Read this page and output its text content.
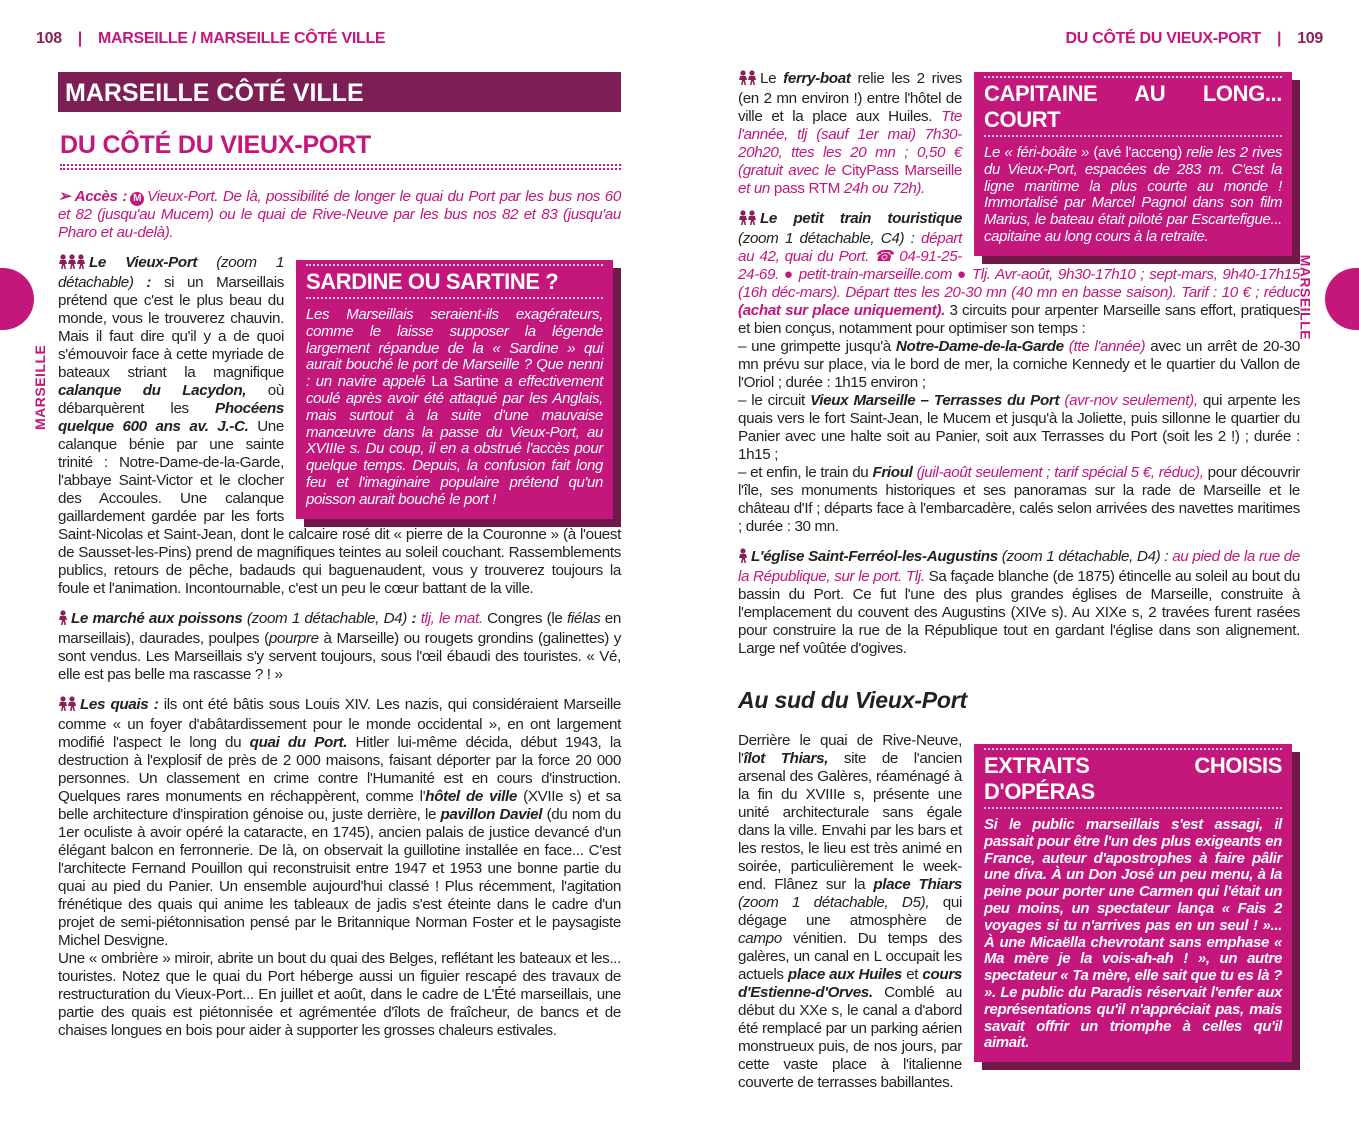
108 | MARSEILLE / MARSEILLE CÔTÉ VILLE	DU CÔTÉ DU VIEUX-PORT | 109
MARSEILLE
MARSEILLE
MARSEILLE CÔTÉ VILLE
DU CÔTÉ DU VIEUX-PORT

➢ Accès : M Vieux-Port. De là, possibilité de longer le quai du Port par les bus nos 60 et 82 (jusqu'au Mucem) ou le quai de Rive-Neuve par les bus nos 82 et 83 (jusqu'au Pharo et au-delà).

SARDINE OU SARTINE ?
Les Marseillais seraient-ils exagérateurs, comme le laisse supposer la légende largement répandue de la « Sardine » qui aurait bouché le port de Marseille ? Que nenni : un navire appelé La Sartine a effectivement coulé après avoir été attaqué par les Anglais, mais surtout à la suite d'une mauvaise manœuvre dans la passe du Vieux-Port, au XVIIIe s. Du coup, il en a obstrué l'accès pour quelque temps. Depuis, la confusion fait long feu et l'imaginaire populaire prétend qu'un poisson aurait bouché le port !
Le Vieux-Port (zoom 1 détachable) : si un Marseillais prétend que c'est le plus beau du monde, vous le trouverez chauvin. Mais il faut dire qu'il y a de quoi s'émouvoir face à cette myriade de bateaux striant la magnifique calanque du Lacydon, où débarquèrent les Phocéens quelque 600 ans av. J.-C. Une calanque bénie par une sainte trinité : Notre-Dame-de-la-Garde, l'abbaye Saint-Victor et le clocher des Accoules. Une calanque gaillardement gardée par les forts Saint-Nicolas et Saint-Jean, dont le calcaire rosé dit « pierre de la Couronne » (à l'ouest de Sausset-les-Pins) prend de magnifiques teintes au soleil couchant. Rassemblements publics, retours de pêche, badauds qui baguenaudent, vous y trouverez toujours la foule et l'animation. Incontournable, c'est un peu le cœur battant de la ville.

Le marché aux poissons (zoom 1 détachable, D4) : tlj, le mat. Congres (le fiélas en marseillais), daurades, poulpes (pourpre à Marseille) ou rougets grondins (galinettes) y sont vendus. Les Marseillais s'y servent toujours, sous l'œil ébaudi des touristes. « Vé, elle est pas belle ma rascasse ? ! »

Les quais : ils ont été bâtis sous Louis XIV. Les nazis, qui considéraient Marseille comme « un foyer d'abâtardissement pour le monde occidental », en ont largement modifié l'aspect le long du quai du Port. Hitler lui-même décida, début 1943, la destruction à l'explosif de près de 2 000 maisons, faisant déporter par la force 20 000 personnes. Un classement en crime contre l'Humanité est en cours d'instruction. Quelques rares monuments en réchappèrent, comme l'hôtel de ville (XVIIe s) et sa belle architecture d'inspiration génoise ou, juste derrière, le pavillon Daviel (du nom du 1er oculiste à avoir opéré la cataracte, en 1745), ancien palais de justice devancé d'un élégant balcon en ferronnerie. De là, on observait la guillotine installée en face... C'est l'architecte Fernand Pouillon qui reconstruisit entre 1947 et 1953 une bonne partie du quai au pied du Panier. Un ensemble aujourd'hui classé ! Plus récemment, l'agitation frénétique des quais qui anime les tableaux de jadis s'est éteinte dans le cadre d'un projet de semi-piétonnisation pensé par le Britannique Norman Foster et le paysagiste Michel Desvigne.

Une « ombrière » miroir, abrite un bout du quai des Belges, reflétant les bateaux et les... touristes. Notez que le quai du Port héberge aussi un figuier rescapé des travaux de restructuration du Vieux-Port... En juillet et août, dans le cadre de L'Été marseillais, une partie des quais est piétonnisée et agrémentée d'îlots de fraîcheur, de bancs et de chaises longues en bois pour aider à supporter les grosses chaleurs estivales.

CAPITAINE AU LONG... COURT
Le « féri-boâte » (avé l'acceng) relie les 2 rives du Vieux-Port, espacées de 283 m. C'est la ligne maritime la plus courte au monde ! Immortalisé par Marcel Pagnol dans son film Marius, le bateau était piloté par Escartefigue... capitaine au long cours à la retraite.
Le ferry-boat relie les 2 rives (en 2 mn environ !) entre l'hôtel de ville et la place aux Huiles. Tte l'année, tlj (sauf 1er mai) 7h30-20h20, ttes les 20 mn ; 0,50 € (gratuit avec le CityPass Marseille et un pass RTM 24h ou 72h).

Le petit train touristique (zoom 1 détachable, C4) : départ au 42, quai du Port. ☎ 04-91-25-24-69. ● petit-train-marseille.com ● Tlj. Avr-août, 9h30-17h10 ; sept-mars, 9h40-17h15 (16h déc-mars). Départ ttes les 20-30 mn (40 mn en basse saison). Tarif : 10 € ; réduc (achat sur place uniquement). 3 circuits pour arpenter Marseille sans effort, pratiques et bien conçus, notamment pour optimiser son temps :

– une grimpette jusqu'à Notre-Dame-de-la-Garde (tte l'année) avec un arrêt de 20-30 mn prévu sur place, via le bord de mer, la corniche Kennedy et le quartier du Vallon de l'Oriol ; durée : 1h15 environ ;

– le circuit Vieux Marseille – Terrasses du Port (avr-nov seulement), qui arpente les quais vers le fort Saint-Jean, le Mucem et jusqu'à la Joliette, puis sillonne le quartier du Panier avec une halte soit au Panier, soit aux Terrasses du Port (soit les 2 !) ; durée : 1h15 ;

– et enfin, le train du Frioul (juil-août seulement ; tarif spécial 5 €, réduc), pour découvrir l'île, ses monuments historiques et ses panoramas sur la rade de Marseille et le château d'If ; départs face à l'embarcadère, calés selon arrivées des navettes maritimes ; durée : 30 mn.

L'église Saint-Ferréol-les-Augustins (zoom 1 détachable, D4) : au pied de la rue de la République, sur le port. Tlj. Sa façade blanche (de 1875) étincelle au soleil au bout du bassin du Port. Ce fut l'une des plus grandes églises de Marseille, construite à l'emplacement du couvent des Augustins (XIVe s). Au XIXe s, 2 travées furent rasées pour construire la rue de la République tout en gardant l'église dans son alignement. Large nef voûtée d'ogives.

Au sud du Vieux-Port

EXTRAITS CHOISIS D'OPÉRAS
Si le public marseillais s'est assagi, il passait pour être l'un des plus exigeants en France, auteur d'apostrophes à faire pâlir une diva. À un Don José un peu menu, à la peine pour porter une Carmen qui l'était un peu moins, un spectateur lança « Fais 2 voyages si tu n'arrives pas en un seul ! »... À une Micaëlla chevrotant sans emphase « Ma mère je la vois-ah-ah ! », un autre spectateur « Ta mère, elle sait que tu es là ? ». Le public du Paradis réservait l'enfer aux représentations qu'il n'appréciait pas, mais savait offrir un triomphe à celles qu'il aimait.
Derrière le quai de Rive-Neuve, l'îlot Thiars, site de l'ancien arsenal des Galères, réaménagé à la fin du XVIIIe s, présente une unité architecturale sans égale dans la ville. Envahi par les bars et les restos, le lieu est très animé en soirée, particulièrement le week-end. Flânez sur la place Thiars (zoom 1 détachable, D5), qui dégage une atmosphère de campo vénitien. Du temps des galères, un canal en L occupait les actuels place aux Huiles et cours d'Estienne-d'Orves. Comblé au début du XXe s, le canal a d'abord été remplacé par un parking aérien monstrueux puis, de nos jours, par cette vaste place à l'italienne couverte de terrasses babillantes.
